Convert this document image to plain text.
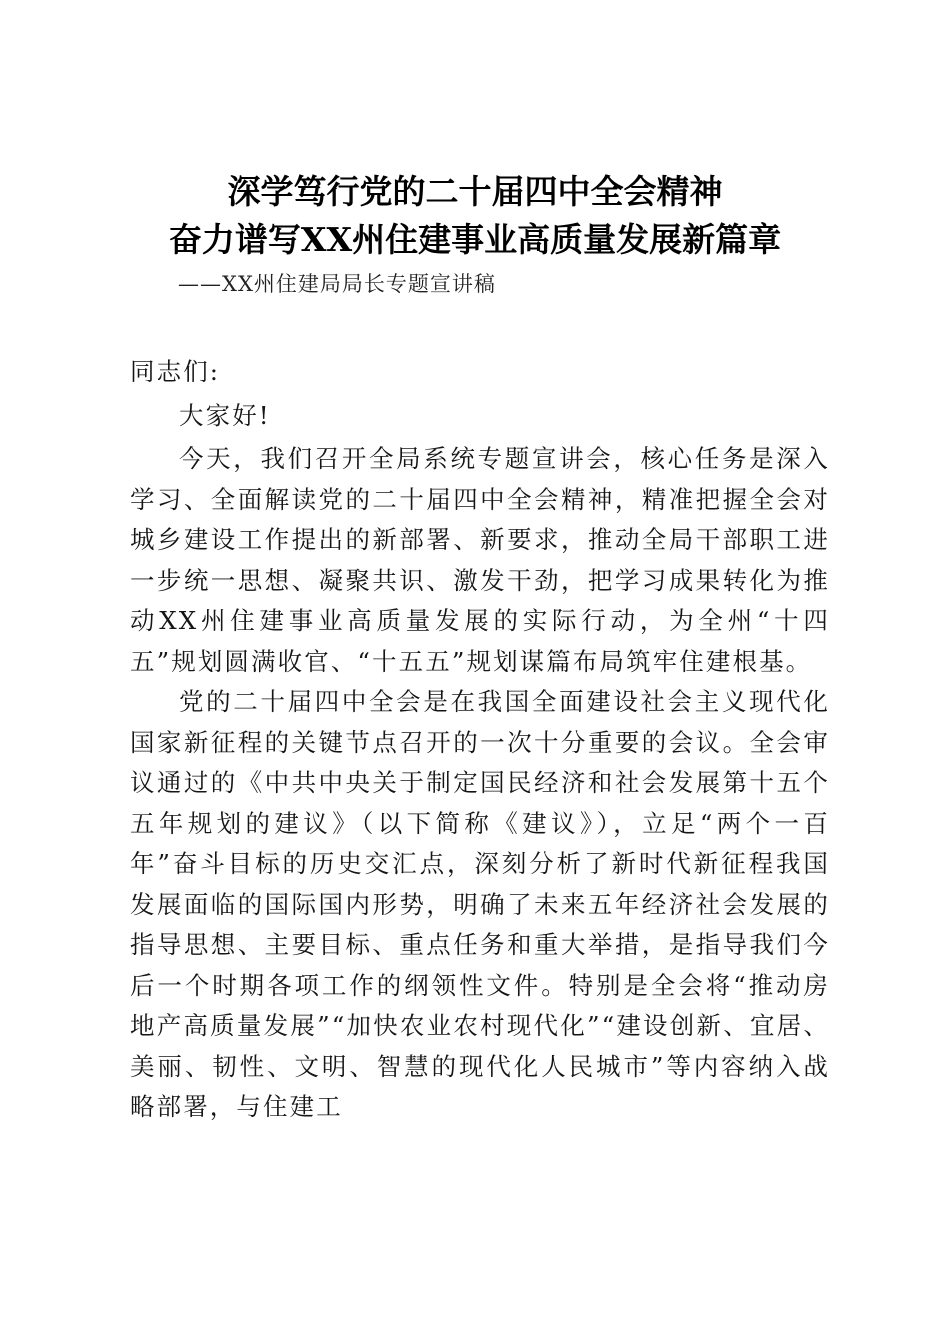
深学笃行党的二十届四中全会精神
奋力谱写XX州住建事业高质量发展新篇章
——XX州住建局局长专题宣讲稿

同志们:

大家好!

今天，我们召开全局系统专题宣讲会，核心任务是深入学习、全面解读党的二十届四中全会精神，精准把握全会对城乡建设工作提出的新部署、新要求，推动全局干部职工进一步统一思想、凝聚共识、激发干劲，把学习成果转化为推动XX州住建事业高质量发展的实际行动，为全州“十四五”规划圆满收官、“十五五”规划谋篇布局筑牢住建根基。

党的二十届四中全会是在我国全面建设社会主义现代化国家新征程的关键节点召开的一次十分重要的会议。全会审议通过的《中共中央关于制定国民经济和社会发展第十五个五年规划的建议》（以下简称《建议》），立足“两个一百年”奋斗目标的历史交汇点，深刻分析了新时代新征程我国发展面临的国际国内形势，明确了未来五年经济社会发展的指导思想、主要目标、重点任务和重大举措，是指导我们今后一个时期各项工作的纲领性文件。特别是全会将“推动房地产高质量发展”“加快农业农村现代化”“建设创新、宜居、美丽、韧性、文明、智慧的现代化人民城市”等内容纳入战略部署，与住建工
